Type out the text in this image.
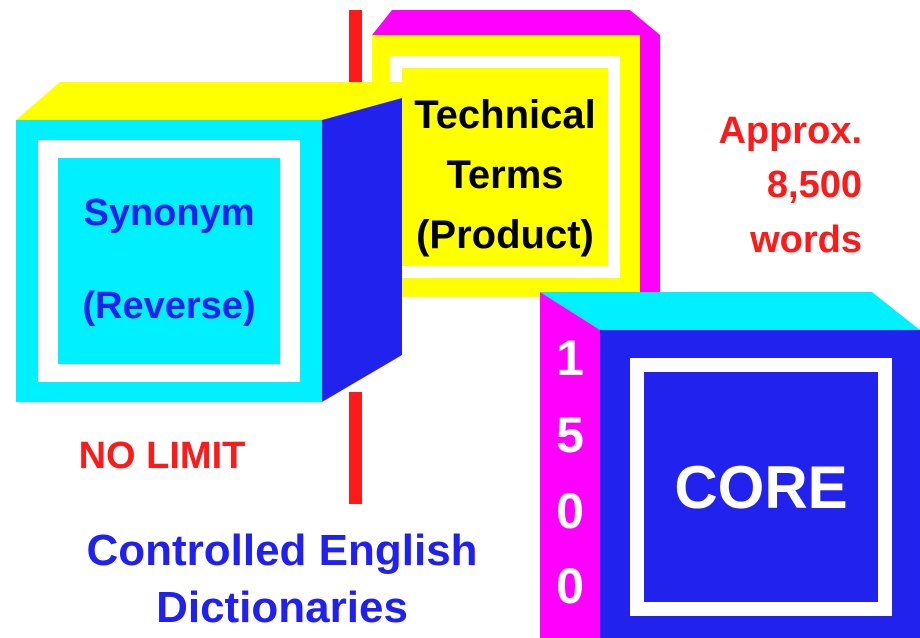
Technical
Terms
(Product)
Synonym
(Reverse)
CORE
1
5
0
0
Approx.
8,500
words
NO LIMIT
Controlled English
Dictionaries
